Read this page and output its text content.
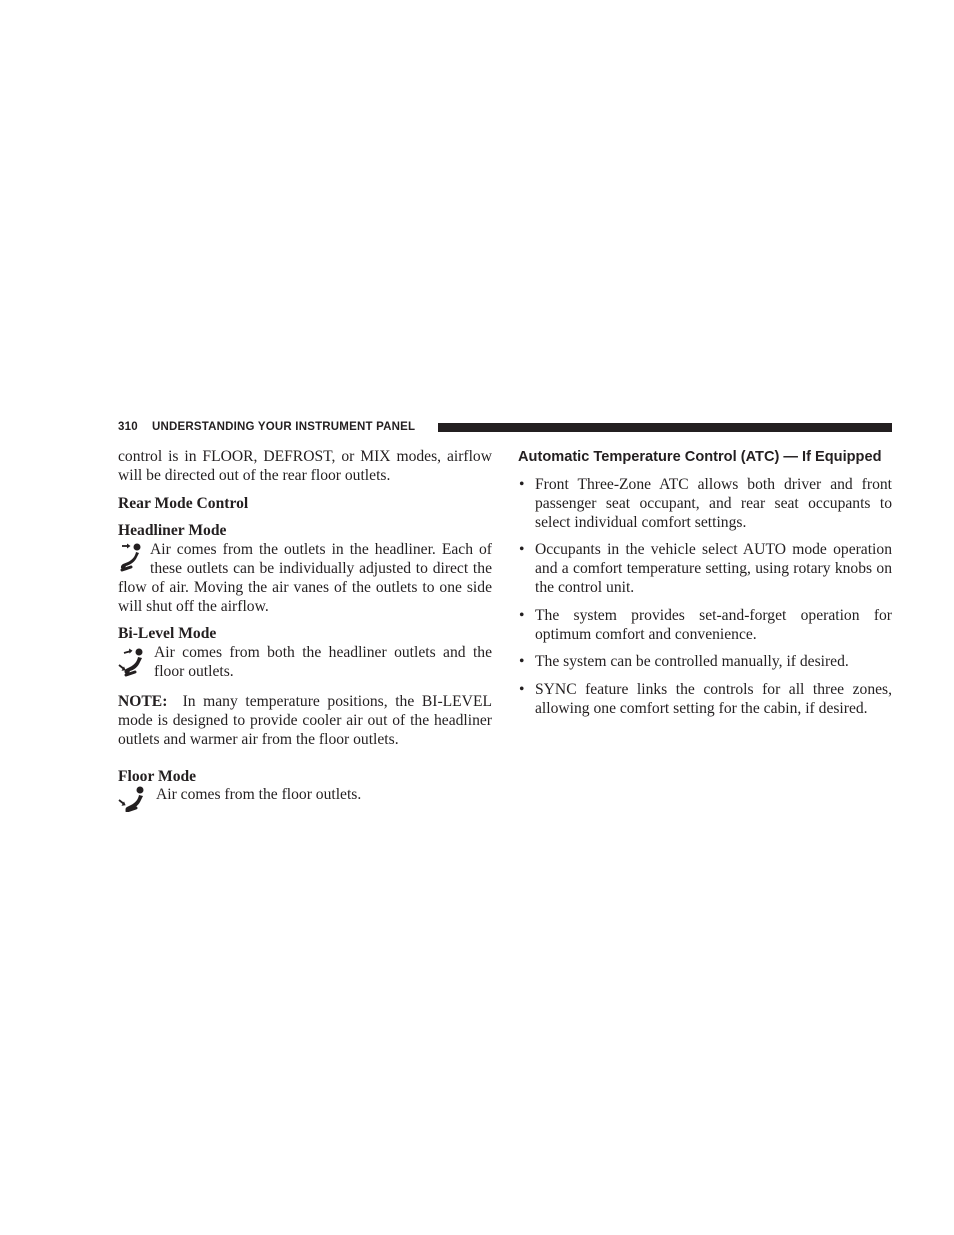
310 UNDERSTANDING YOUR INSTRUMENT PANEL

control is in FLOOR, DEFROST, or MIX modes, airflow will be directed out of the rear floor outlets.

Rear Mode Control

Headliner Mode

Air comes from the outlets in the headliner. Each of these outlets can be individually adjusted to direct the flow of air. Moving the air vanes of the outlets to one side will shut off the airflow.

Bi-Level Mode

Air comes from both the headliner outlets and the floor outlets.

NOTE: In many temperature positions, the BI-LEVEL mode is designed to provide cooler air out of the headliner outlets and warmer air from the floor outlets.

Floor Mode

Air comes from the floor outlets.

Automatic Temperature Control (ATC) — If Equipped

• Front Three-Zone ATC allows both driver and front passenger seat occupant, and rear seat occupants to select individual comfort settings.
• Occupants in the vehicle select AUTO mode operation and a comfort temperature setting, using rotary knobs on the control unit.
• The system provides set-and-forget operation for optimum comfort and convenience.
• The system can be controlled manually, if desired.
• SYNC feature links the controls for all three zones, allowing one comfort setting for the cabin, if desired.
